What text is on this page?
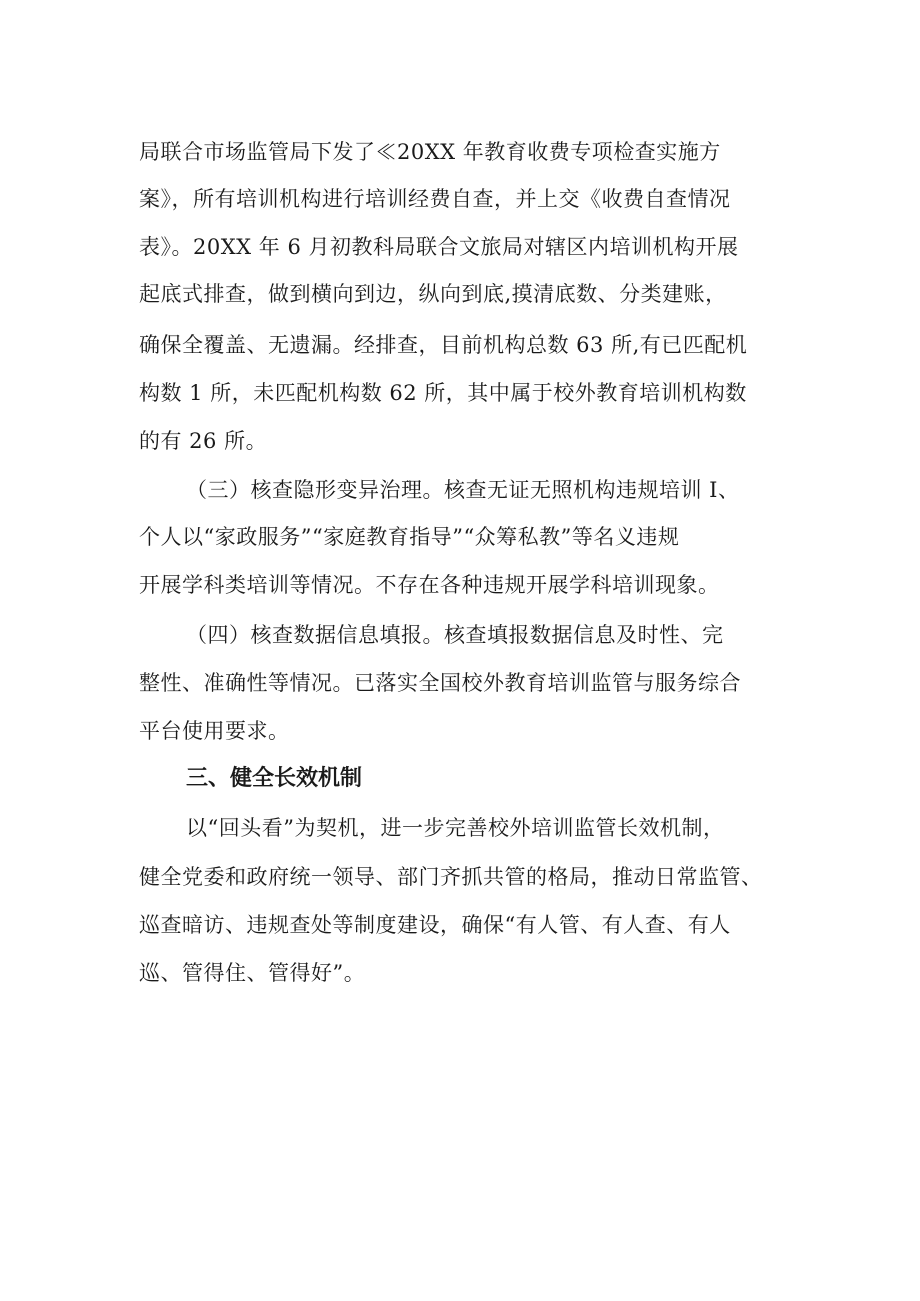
局联合市场监管局下发了≪20XX 年教育收费专项检查实施方
案》，所有培训机构进行培训经费自查，并上交《收费自查情况
表》。20XX 年 6 月初教科局联合文旅局对辖区内培训机构开展
起底式排查，做到横向到边，纵向到底,摸清底数、分类建账，
确保全覆盖、无遗漏。经排查，目前机构总数 63 所,有已匹配机
构数 1 所，未匹配机构数 62 所，其中属于校外教育培训机构数
的有 26 所。
（三）核查隐形变异治理。核查无证无照机构违规培训 I、
个人以“家政服务”“家庭教育指导”“众筹私教”等名义违规
开展学科类培训等情况。不存在各种违规开展学科培训现象。
（四）核查数据信息填报。核查填报数据信息及时性、完
整性、准确性等情况。已落实全国校外教育培训监管与服务综合
平台使用要求。
三、健全长效机制
以“回头看”为契机，进一步完善校外培训监管长效机制，
健全党委和政府统一领导、部门齐抓共管的格局，推动日常监管、
巡查暗访、违规查处等制度建设，确保“有人管、有人查、有人
巡、管得住、管得好”。
